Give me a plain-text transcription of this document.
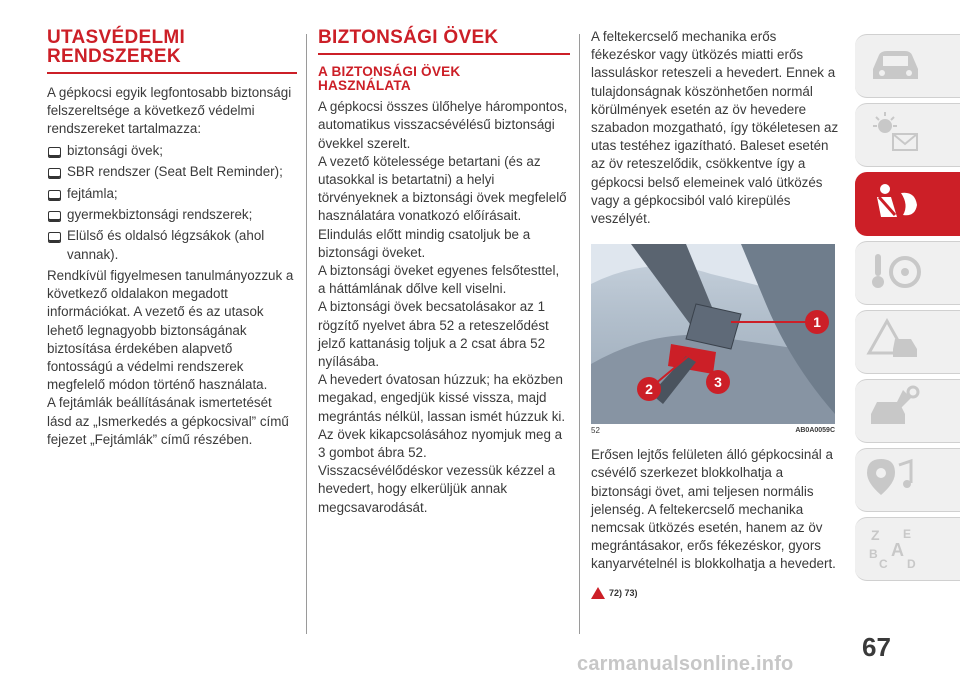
UTASVÉDELMI
RENDSZEREK

A gépkocsi egyik legfontosabb biztonsági felszereltsége a következő védelmi rendszereket tartalmazza:

biztonsági övek;
SBR rendszer (Seat Belt Reminder);
fejtámla;
gyermekbiztonsági rendszerek;
Elülső és oldalsó légzsákok (ahol vannak).

Rendkívül figyelmesen tanulmányozzuk a következő oldalakon megadott információkat. A vezető és az utasok lehető legnagyobb biztonságának biztosítása érdekében alapvető fontosságú a védelmi rendszerek megfelelő módon történő használata.

A fejtámlák beállításának ismertetését lásd az „Ismerkedés a gépkocsival” című fejezet „Fejtámlák” című részében.

BIZTONSÁGI ÖVEK
A BIZTONSÁGI ÖVEK
HASZNÁLATA

A gépkocsi összes ülőhelye hárompontos, automatikus visszacsévélésű biztonsági övekkel szerelt.

A vezető kötelessége betartani (és az utasokkal is betartatni) a helyi törvényeknek a biztonsági övek megfelelő használatára vonatkozó előírásait.

Elindulás előtt mindig csatoljuk be a biztonsági öveket.

A biztonsági öveket egyenes felsőtesttel, a háttámlának dőlve kell viselni.

A biztonsági övek becsatolásakor az 1 rögzítő nyelvet ábra 52 a reteszelődést jelző kattanásig toljuk a 2 csat ábra 52 nyílásába.

A hevedert óvatosan húzzuk; ha eközben megakad, engedjük kissé vissza, majd megrántás nélkül, lassan ismét húzzuk ki.

Az övek kikapcsolásához nyomjuk meg a 3 gombot ábra 52.

Visszacsévélődéskor vezessük kézzel a hevedert, hogy elkerüljük annak megcsavarodását.

A feltekercselő mechanika erős fékezéskor vagy ütközés miatti erős lassuláskor reteszeli a hevedert. Ennek a tulajdonságnak köszönhetően normál körülmények esetén az öv hevedere szabadon mozgatható, így tökéletesen az utas testéhez igazítható. Baleset esetén az öv reteszelődik, csökkentve így a gépkocsi belső elemeinek való ütközés vagy a gépkocsiból való kirepülés veszélyét.

1
2	3
52	AB0A0059C

Erősen lejtős felületen álló gépkocsinál a csévélő szerkezet blokkolhatja a biztonsági övet, ami teljesen normális jelenség. A feltekercselő mechanika nemcsak ütközés esetén, hanem az öv megrántásakor, erős fékezéskor, gyors kanyarvételnél is blokkolhatja a hevedert.

72) 73)
Z E
B A
C D
67
carmanualsonline.info
